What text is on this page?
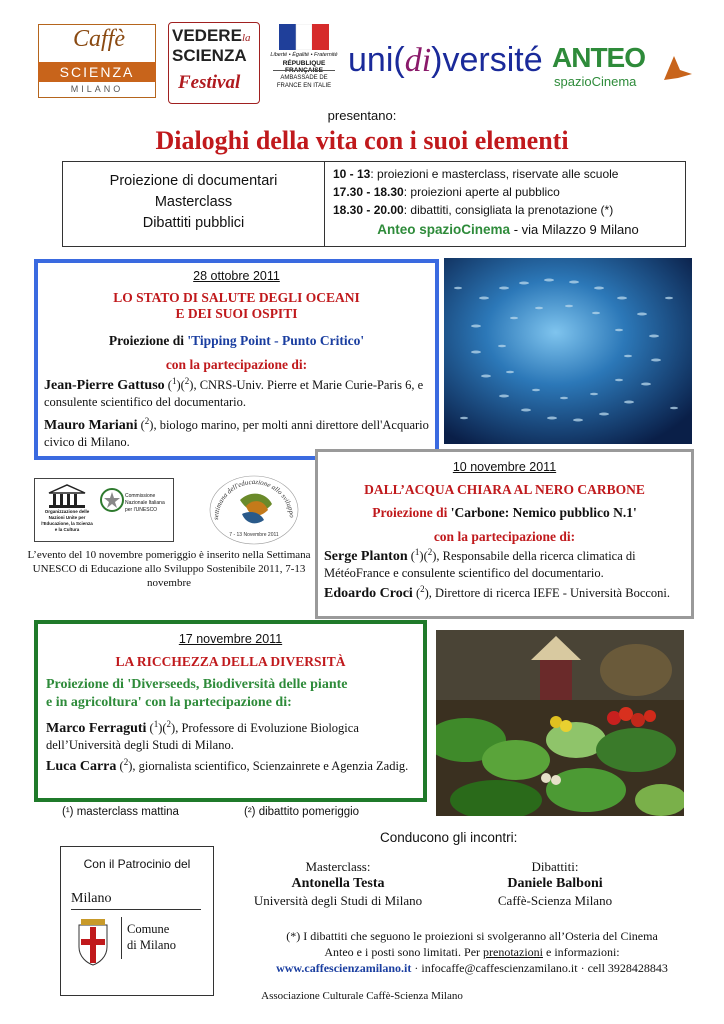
Caffè
SCIENZA
MILANO
VEDERE la
SCIENZA
Festival
Liberté • Égalité • Fraternité
RÉPUBLIQUE FRANÇAISE
AMBASSADE DE FRANCE EN ITALIE
uni(di)versité ANTEO
spazioCinema
presentano:
Dialoghi della vita con i suoi elementi
Proiezione di documentari
Masterclass
Dibattiti pubblici
10 - 13: proiezioni e masterclass, riservate alle scuole
17.30 - 18.30: proiezioni aperte al pubblico
18.30 - 20.00: dibattiti, consigliata la prenotazione (*)
Anteo spazioCinema - via Milazzo 9 Milano
28 ottobre 2011
LO STATO DI SALUTE DEGLI OCEANI
E DEI SUOI OSPITI
Proiezione di 'Tipping Point - Punto Critico'
con la partecipazione di:
Jean-Pierre Gattuso ($^1$)($^2$), CNRS-Univ. Pierre et Marie Curie-Paris 6, e consulente scientifico del documentario.
Mauro Mariani ($^2$), biologo marino, per molti anni direttore dell'Acquario civico di Milano.
Organizzazione delle Nazioni Unite per l'Educazione, la Scienza e la Cultura
Commissione Nazionale Italiana per l'UNESCO
settimana dell'educazione allo sviluppo
7 - 13 Novembre 2011
L’evento del 10 novembre pomeriggio è inserito nella Settimana UNESCO di Educazione allo Sviluppo Sostenibile 2011, 7-13 novembre
10 novembre 2011
DALL’ACQUA CHIARA AL NERO CARBONE
Proiezione di 'Carbone: Nemico pubblico N.1'
con la partecipazione di:
Serge Planton ($^1$)($^2$), Responsabile della ricerca climatica di MétéoFrance e consulente scientifico del documentario.
Edoardo Croci ($^2$), Direttore di ricerca IEFE - Università Bocconi.
17 novembre 2011
LA RICCHEZZA DELLA DIVERSITÀ
Proiezione di 'Diverseeds, Biodiversità delle piante
e in agricoltura' con la partecipazione di:
Marco Ferraguti ($^1$)($^2$), Professore di Evoluzione Biologica dell’Università degli Studi di Milano.
Luca Carra ($^2$), giornalista scientifico, Scienzainrete e Agenzia Zadig.
(¹) masterclass mattina	(²) dibattito pomeriggio
Conducono gli incontri:
Con il Patrocinio del
Milano
Comune
di Milano
Masterclass:
Antonella Testa
Università degli Studi di Milano
Dibattiti:
Daniele Balboni
Caffè-Scienza Milano
(*) I dibattiti che seguono le proiezioni si svolgeranno all’Osteria del Cinema
Anteo e i posti sono limitati. Per prenotazioni e informazioni:
www.caffescienzamilano.it · infocaffe@caffescienzamilano.it · cell 3928428843
Associazione Culturale Caffè-Scienza Milano
